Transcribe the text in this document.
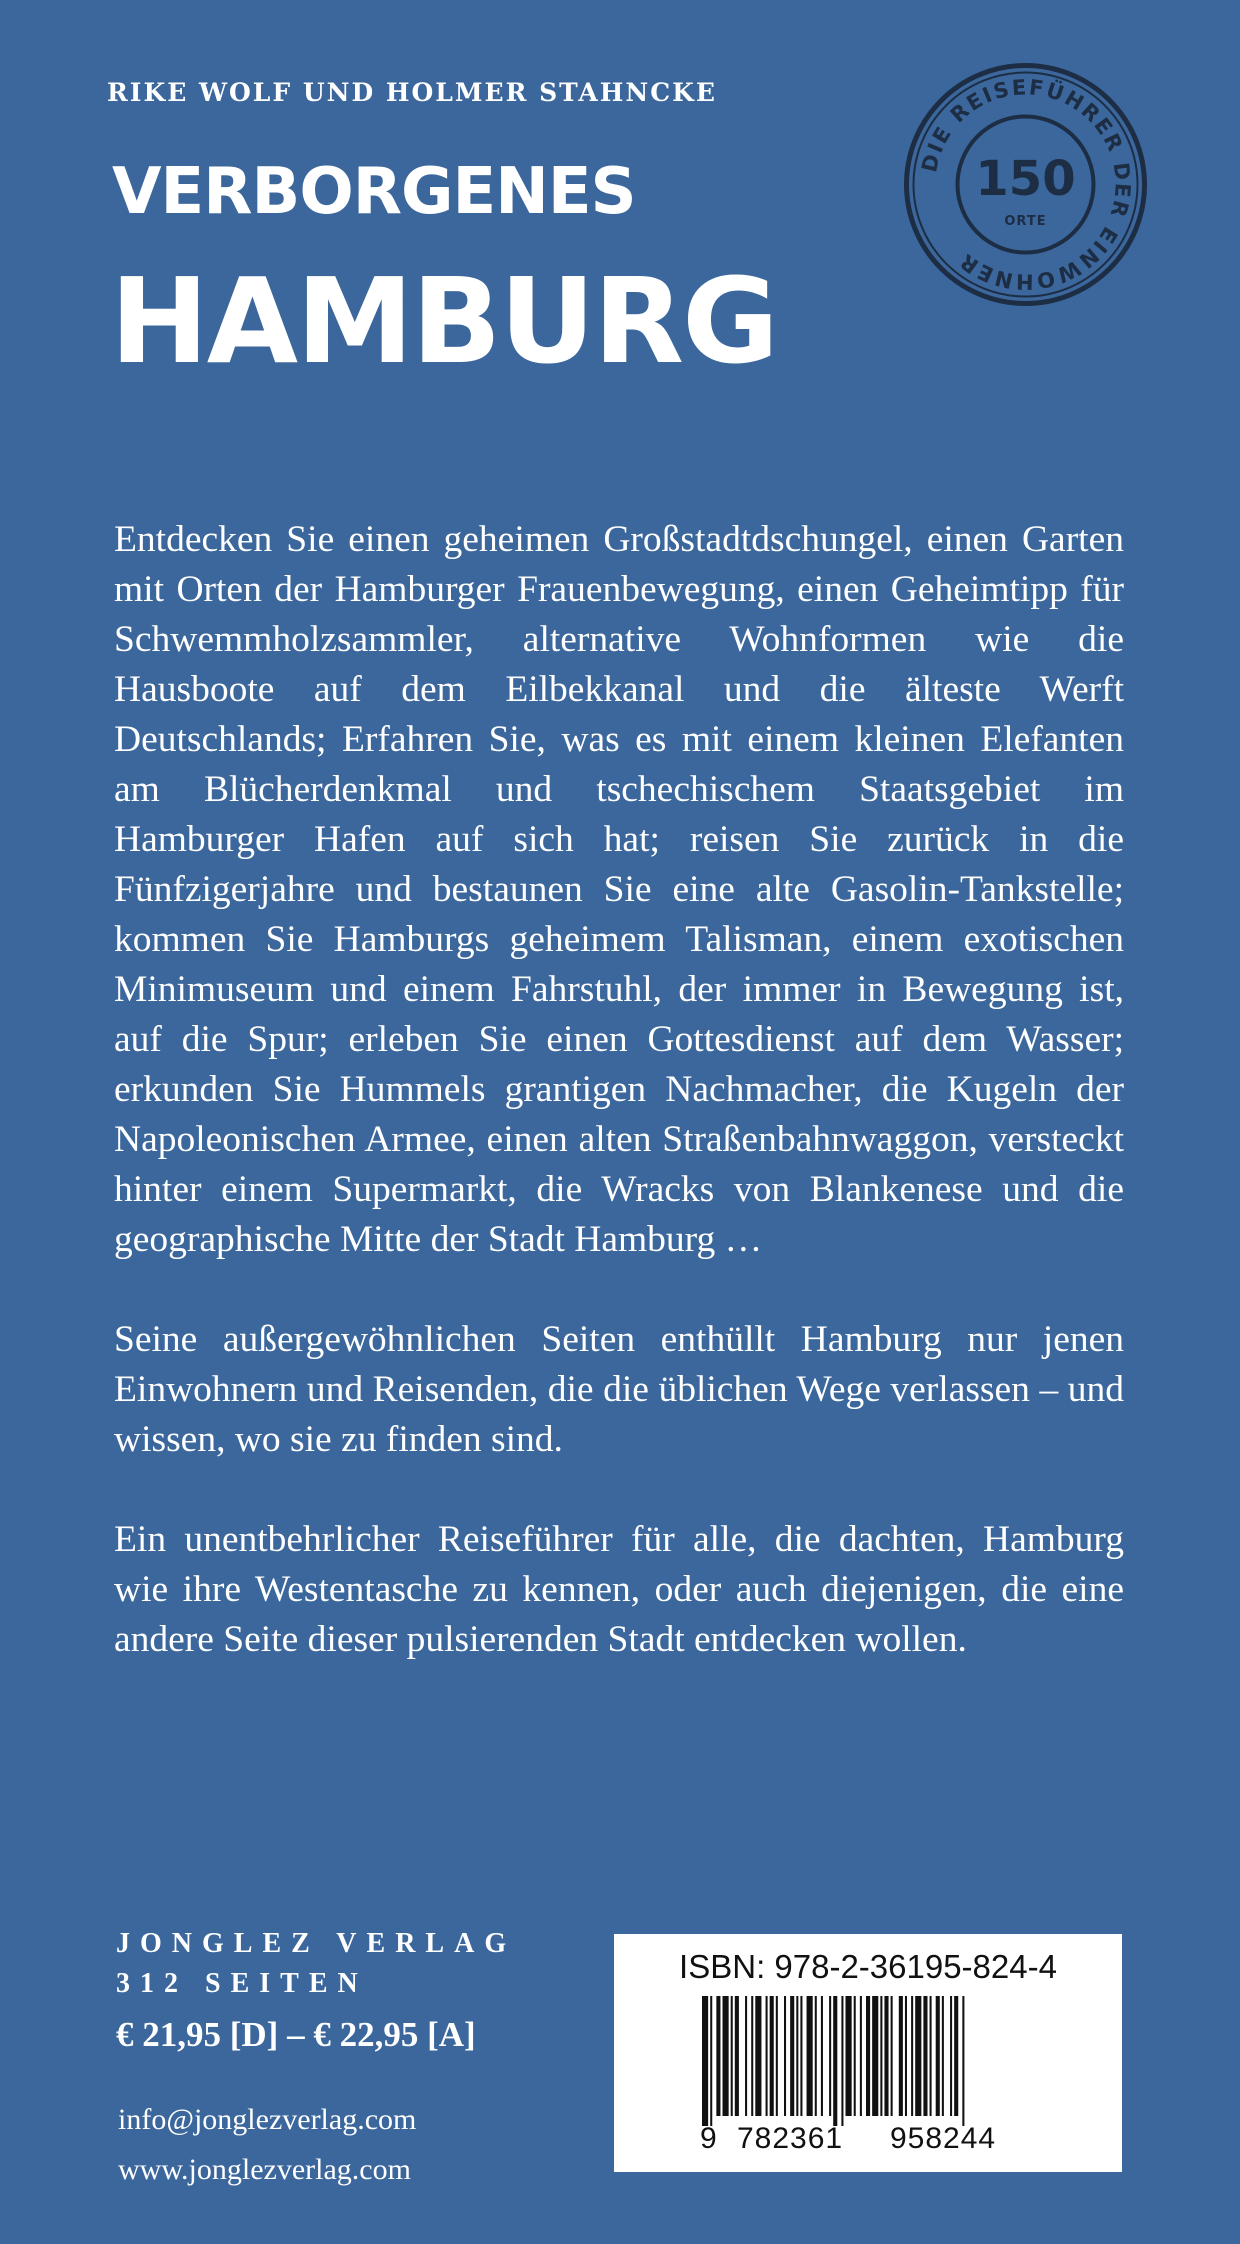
RIKE WOLF UND HOLMER STAHNCKE
VERBORGENES
HAMBURG
DIE REISEFÜHRER DER EINWOHNER
150
ORTE

Entdecken Sie einen geheimen Großstadtdschungel, einen Garten mit Orten der Hamburger Frauenbewegung, einen Geheimtipp für Schwemmholzsammler, alternative Wohnformen wie die Hausboote auf dem Eilbekkanal und die älteste Werft Deutschlands; Erfahren Sie, was es mit einem kleinen Elefanten am Blücherdenkmal und tschechischem Staatsgebiet im Hamburger Hafen auf sich hat; reisen Sie zurück in die Fünfzigerjahre und bestaunen Sie eine alte Gasolin-Tankstelle; kommen Sie Hamburgs geheimem Talisman, einem exotischen Minimuseum und einem Fahrstuhl, der immer in Bewegung ist, auf die Spur; erleben Sie einen Gottesdienst auf dem Wasser; erkunden Sie Hummels grantigen Nachmacher, die Kugeln der Napoleonischen Armee, einen alten Straßenbahnwaggon, versteckt hinter einem Supermarkt, die Wracks von Blankenese und die geographische Mitte der Stadt Hamburg …

Seine außergewöhnlichen Seiten enthüllt Hamburg nur jenen Einwohnern und Reisenden, die die üblichen Wege verlassen – und wissen, wo sie zu finden sind.

Ein unentbehrlicher Reiseführer für alle, die dachten, Hamburg wie ihre Westentasche zu kennen, oder auch diejenigen, die eine andere Seite dieser pulsierenden Stadt entdecken wollen.

JONGLEZ VERLAG
312 SEITEN
€ 21,95 [D] – € 22,95 [A]
info@jonglezverlag.com
www.jonglezverlag.com
ISBN: 978-2-36195-824-4
9 782361 958244
